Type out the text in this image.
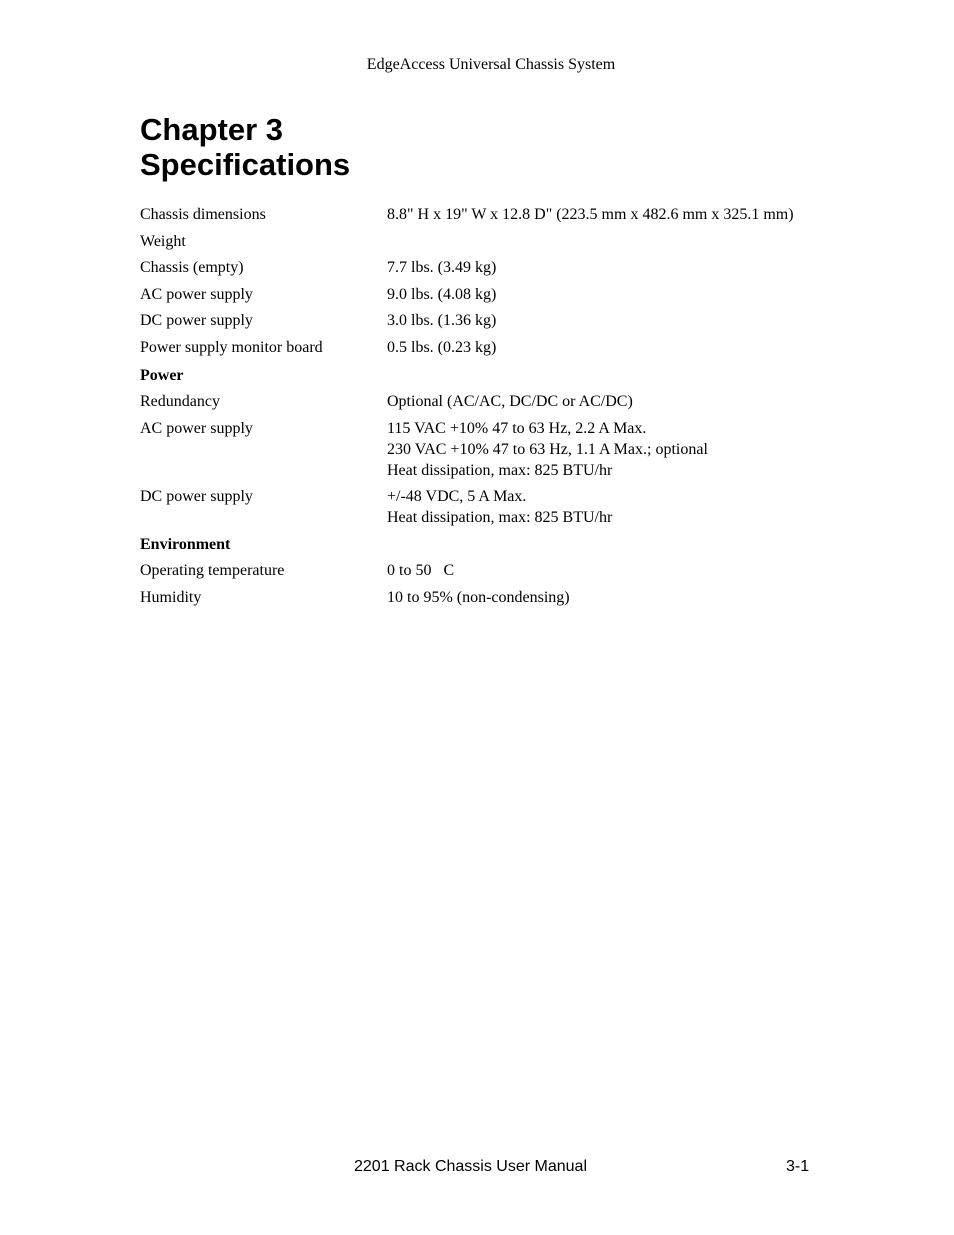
EdgeAccess Universal Chassis System
Chapter 3
Specifications
Chassis dimensions	8.8" H x 19" W x 12.8 D" (223.5 mm x 482.6 mm x 325.1 mm)
Weight
Chassis (empty)	7.7 lbs. (3.49 kg)
AC power supply	9.0 lbs. (4.08 kg)
DC power supply	3.0 lbs. (1.36 kg)
Power supply monitor board	0.5 lbs. (0.23 kg)
Power
Redundancy	Optional (AC/AC, DC/DC or AC/DC)
AC power supply	115 VAC +10% 47 to 63 Hz, 2.2 A Max.
230 VAC +10% 47 to 63 Hz, 1.1 A Max.; optional
Heat dissipation, max: 825 BTU/hr
DC power supply	+/-48 VDC, 5 A Max.
Heat dissipation, max: 825 BTU/hr
Environment
Operating temperature	0 to 50   C
Humidity	10 to 95% (non-condensing)
2201 Rack Chassis User Manual	3-1
